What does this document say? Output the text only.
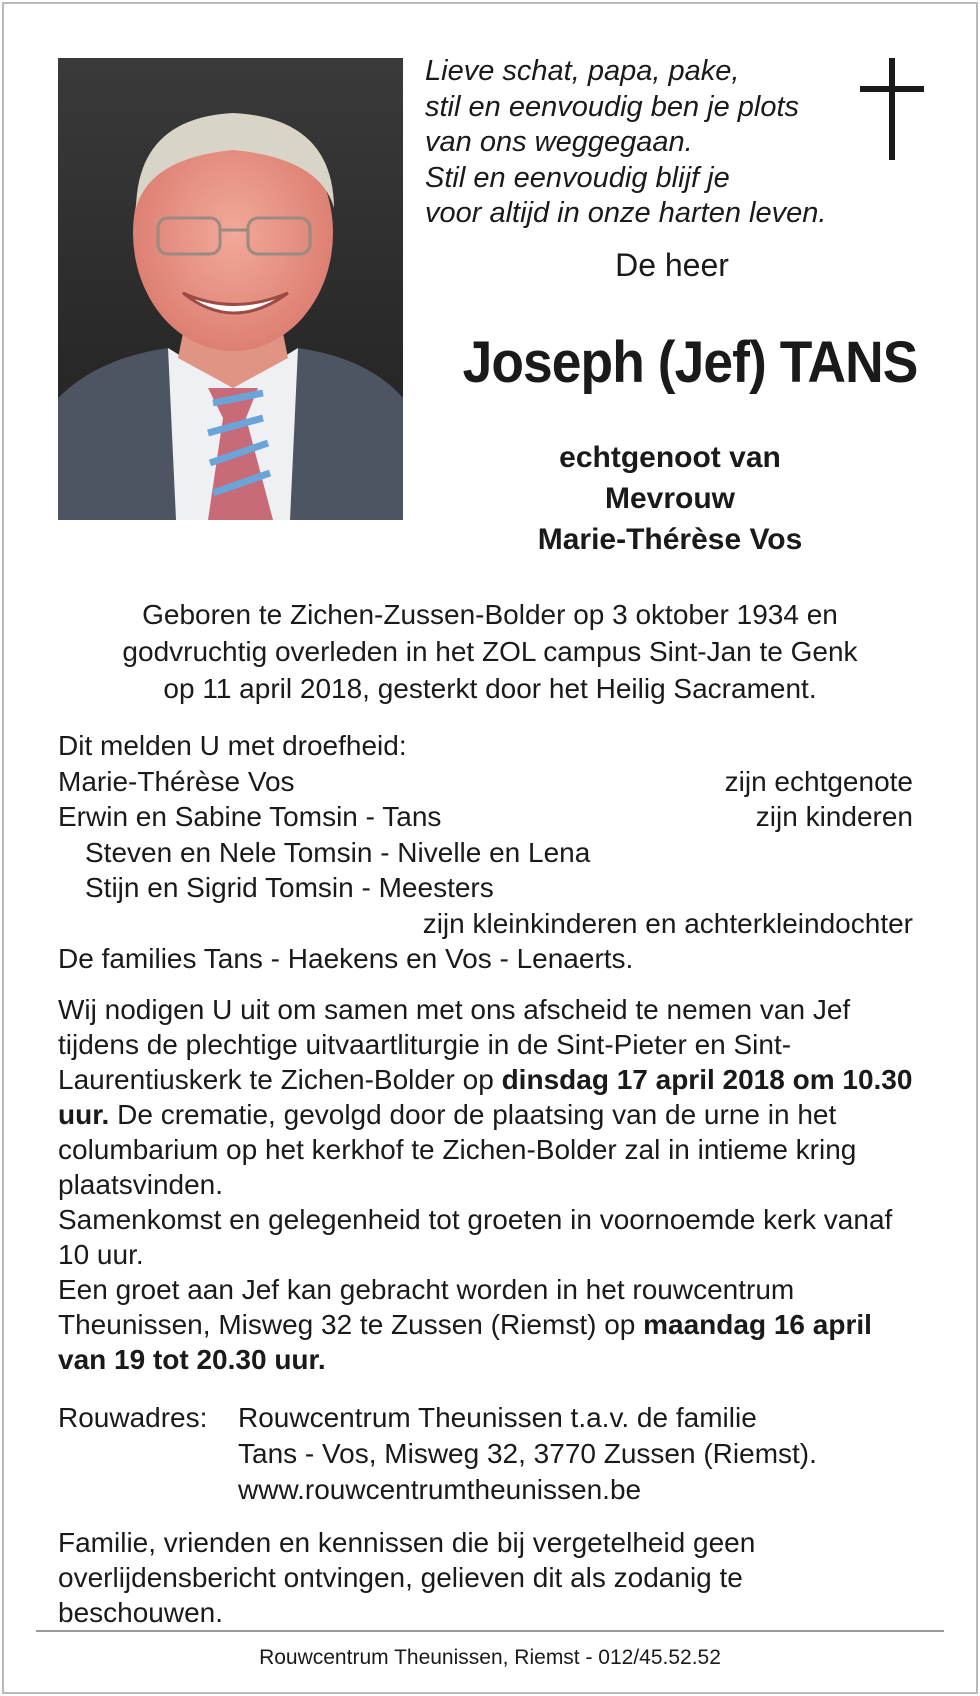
Lieve schat, papa, pake,
stil en eenvoudig ben je plots
van ons weggegaan.
Stil en eenvoudig blijf je
voor altijd in onze harten leven.
De heer
Joseph (Jef) TANS
echtgenoot van
Mevrouw
Marie-Thérèse Vos
Geboren te Zichen-Zussen-Bolder op 3 oktober 1934 en
godvruchtig overleden in het ZOL campus Sint-Jan te Genk
op 11 april 2018, gesterkt door het Heilig Sacrament.
Dit melden U met droefheid:
Marie-Thérèse Vos	zijn echtgenote
Erwin en Sabine Tomsin - Tans	zijn kinderen
Steven en Nele Tomsin - Nivelle en Lena
Stijn en Sigrid Tomsin - Meesters
zijn kleinkinderen en achterkleindochter
De families Tans - Haekens en Vos - Lenaerts.
Wij nodigen U uit om samen met ons afscheid te nemen van Jef tijdens de plechtige uitvaartliturgie in de Sint-Pieter en Sint-Laurentiuskerk te Zichen-Bolder op dinsdag 17 april 2018 om 10.30 uur. De crematie, gevolgd door de plaatsing van de urne in het columbarium op het kerkhof te Zichen-Bolder zal in intieme kring plaatsvinden.
Samenkomst en gelegenheid tot groeten in voornoemde kerk vanaf 10 uur.
Een groet aan Jef kan gebracht worden in het rouwcentrum Theunissen, Misweg 32 te Zussen (Riemst) op maandag 16 april van 19 tot 20.30 uur.
Rouwadres:	Rouwcentrum Theunissen t.a.v. de familie
Tans - Vos, Misweg 32, 3770 Zussen (Riemst).
www.rouwcentrumtheunissen.be
Familie, vrienden en kennissen die bij vergetelheid geen overlijdensbericht ontvingen, gelieven dit als zodanig te beschouwen.
Rouwcentrum Theunissen, Riemst - 012/45.52.52
